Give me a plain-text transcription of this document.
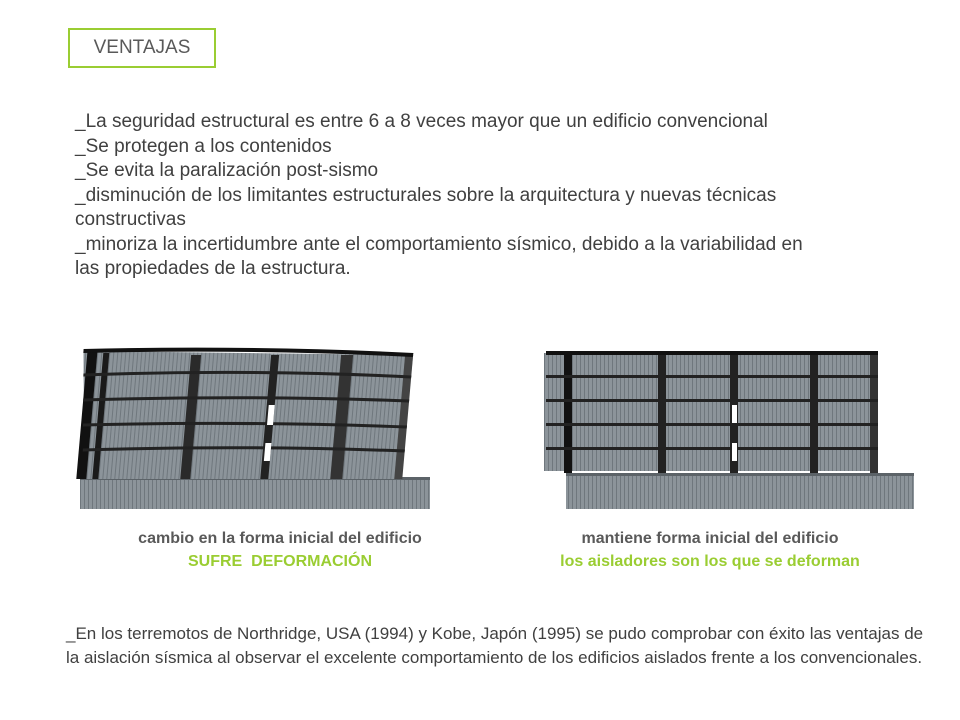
VENTAJAS
_La seguridad estructural es entre 6 a 8 veces mayor que un edificio convencional
_Se protegen a los contenidos
_Se evita la paralización post-sismo
_disminución de los limitantes estructurales sobre la arquitectura y nuevas técnicas constructivas
_minoriza la incertidumbre ante el comportamiento sísmico, debido a la variabilidad en las propiedades de la estructura.
cambio en la forma inicial del edificio
SUFRE  DEFORMACIÓN
mantiene forma inicial del edificio
los aisladores son los que se deforman
_En los terremotos de Northridge, USA (1994) y Kobe, Japón (1995) se pudo comprobar con éxito las ventajas de la aislación sísmica al observar el excelente comportamiento de los edificios aislados frente a los convencionales.
